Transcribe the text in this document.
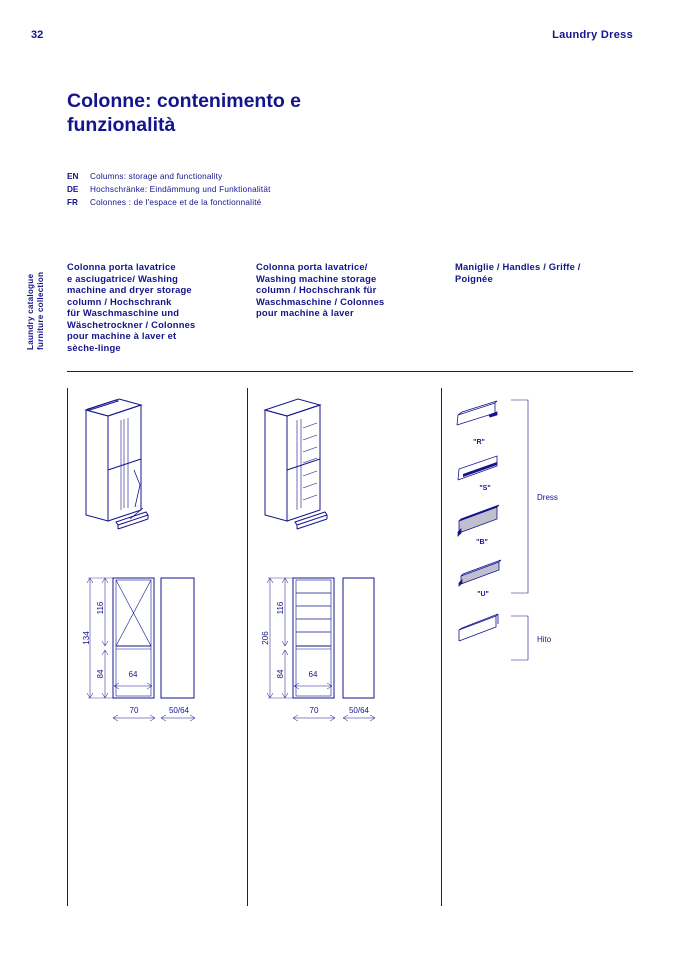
32	Laundry Dress
Colonne: contenimento e funzionalità
EN Columns: storage and functionality
DE Hochschränke: Eindämmung und Funktionalität
FR Colonnes : de l'espace et de la fonctionnalité
Laundry catalogue furniture collection
Colonna porta lavatrice
e asciugatrice/ Washing
machine and dryer storage
column / Hochschrank
für Waschmaschine und
Wäschetrockner / Colonnes
pour machine à laver et
sèche-linge
Colonna porta lavatrice/
Washing machine storage
column / Hochschrank für
Waschmaschine / Colonnes
pour machine à laver
Maniglie / Handles / Griffe /
Poignée
134
116
84	64
70	50/64
206
116
84	64
70	50/64
"R"
"S"
"B"
"U"
Dress
Hito
